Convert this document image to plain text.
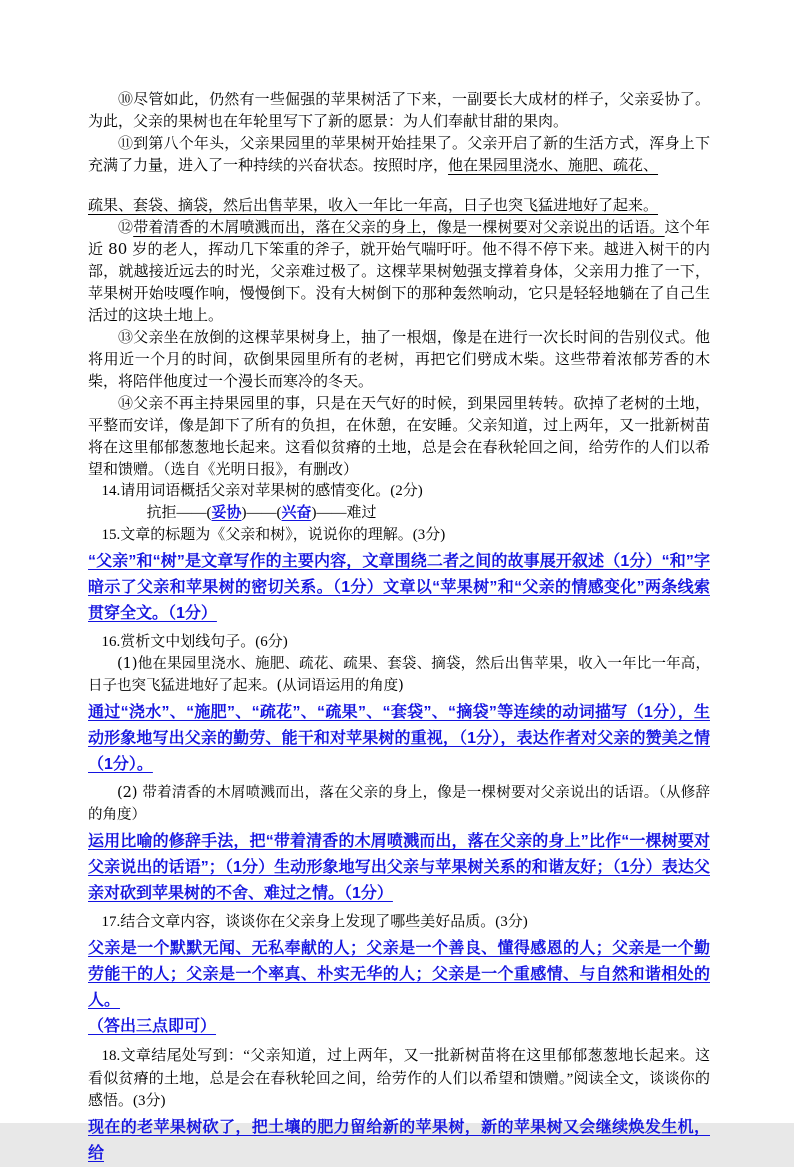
⑩尽管如此，仍然有一些倔强的苹果树活了下来，一副要长大成材的样子，父亲妥协了。为此，父亲的果树也在年轮里写下了新的愿景：为人们奉献甘甜的果肉。

⑪到第八个年头，父亲果园里的苹果树开始挂果了。父亲开启了新的生活方式，浑身上下充满了力量，进入了一种持续的兴奋状态。按照时序，他在果园里浇水、施肥、疏花、

疏果、套袋、摘袋，然后出售苹果，收入一年比一年高，日子也突飞猛进地好了起来。

⑫带着清香的木屑喷溅而出，落在父亲的身上，像是一棵树要对父亲说出的话语。这个年近 80 岁的老人，挥动几下笨重的斧子，就开始气喘吁吁。他不得不停下来。越进入树干的内部，就越接近远去的时光，父亲难过极了。这棵苹果树勉强支撑着身体，父亲用力推了一下，苹果树开始吱嘎作响，慢慢倒下。没有大树倒下的那种轰然响动，它只是轻轻地躺在了自己生活过的这块土地上。

⑬父亲坐在放倒的这棵苹果树身上，抽了一根烟，像是在进行一次长时间的告别仪式。他将用近一个月的时间，砍倒果园里所有的老树，再把它们劈成木柴。这些带着浓郁芳香的木柴，将陪伴他度过一个漫长而寒冷的冬天。

⑭父亲不再主持果园里的事，只是在天气好的时候，到果园里转转。砍掉了老树的土地，平整而安详，像是卸下了所有的负担，在休憩，在安睡。父亲知道，过上两年，又一批新树苗将在这里郁郁葱葱地长起来。这看似贫瘠的土地，总是会在春秋轮回之间，给劳作的人们以希望和馈赠。（选自《光明日报》，有删改）

14.请用词语概括父亲对苹果树的感情变化。(2分)

抗拒——(妥协)——(兴奋)——难过

15.文章的标题为《父亲和树》，说说你的理解。(3分)

“父亲”和“树”是文章写作的主要内容，文章围绕二者之间的故事展开叙述（1分）“和”字暗示了父亲和苹果树的密切关系。（1分）文章以“苹果树”和“父亲的情感变化”两条线索贯穿全文。（1分）

16.赏析文中划线句子。(6分)

(1)他在果园里浇水、施肥、疏花、疏果、套袋、摘袋，然后出售苹果，收入一年比一年高，日子也突飞猛进地好了起来。(从词语运用的角度)

通过“浇水”、“施肥”、“疏花”、“疏果”、“套袋”、“摘袋”等连续的动词描写（1分），生动形象地写出父亲的勤劳、能干和对苹果树的重视，（1分），表达作者对父亲的赞美之情（1分）。

(2) 带着清香的木屑喷溅而出，落在父亲的身上，像是一棵树要对父亲说出的话语。（从修辞的角度）

运用比喻的修辞手法，把“带着清香的木屑喷溅而出，落在父亲的身上”比作“一棵树要对父亲说出的话语”；（1分）生动形象地写出父亲与苹果树关系的和谐友好；（1分）表达父亲对砍到苹果树的不舍、难过之情。（1分）

17.结合文章内容，谈谈你在父亲身上发现了哪些美好品质。(3分)

父亲是一个默默无闻、无私奉献的人；父亲是一个善良、懂得感恩的人；父亲是一个勤劳能干的人；父亲是一个率真、朴实无华的人；父亲是一个重感情、与自然和谐相处的人。
（答出三点即可）

18.文章结尾处写到：“父亲知道，过上两年，又一批新树苗将在这里郁郁葱葱地长起来。这看似贫瘠的土地，总是会在春秋轮回之间，给劳作的人们以希望和馈赠。”阅读全文，谈谈你的感悟。(3分)

现在的老苹果树砍了，把土壤的肥力留给新的苹果树，新的苹果树又会继续焕发生机，给
